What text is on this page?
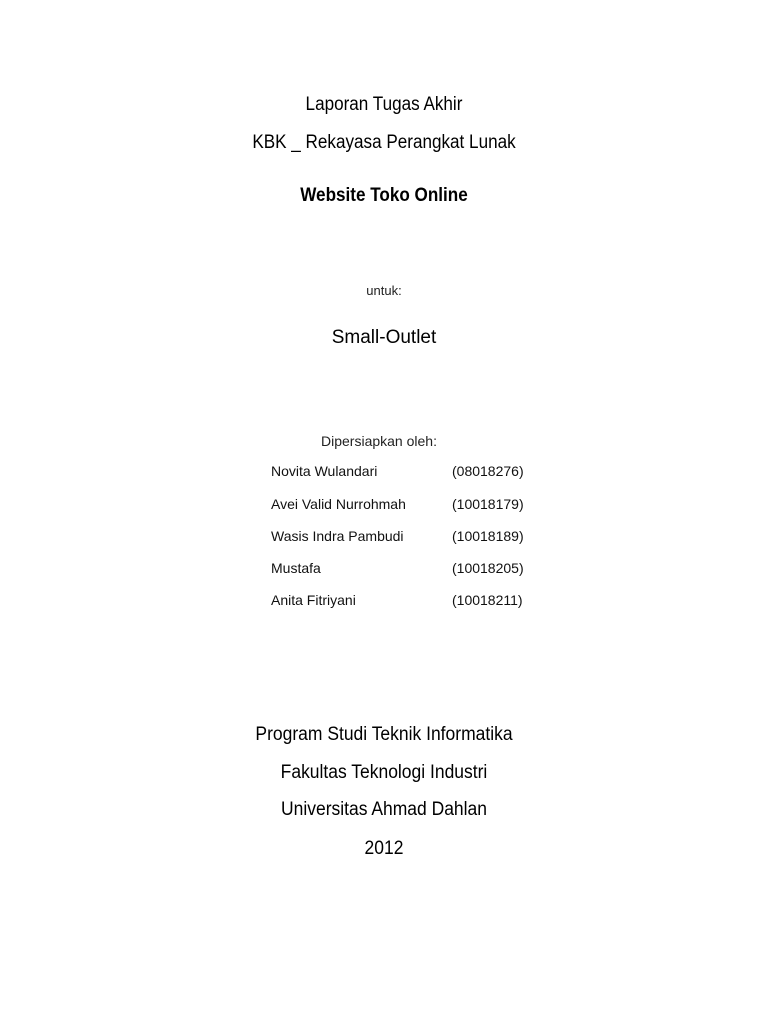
Laporan Tugas Akhir
KBK _ Rekayasa Perangkat Lunak
Website Toko Online
untuk:
Small-Outlet
Dipersiapkan oleh:
Novita Wulandari	(08018276)
Avei Valid Nurrohmah	(10018179)
Wasis Indra Pambudi	(10018189)
Mustafa	(10018205)
Anita Fitriyani	(10018211)
Program Studi Teknik Informatika
Fakultas Teknologi Industri
Universitas Ahmad Dahlan
2012
